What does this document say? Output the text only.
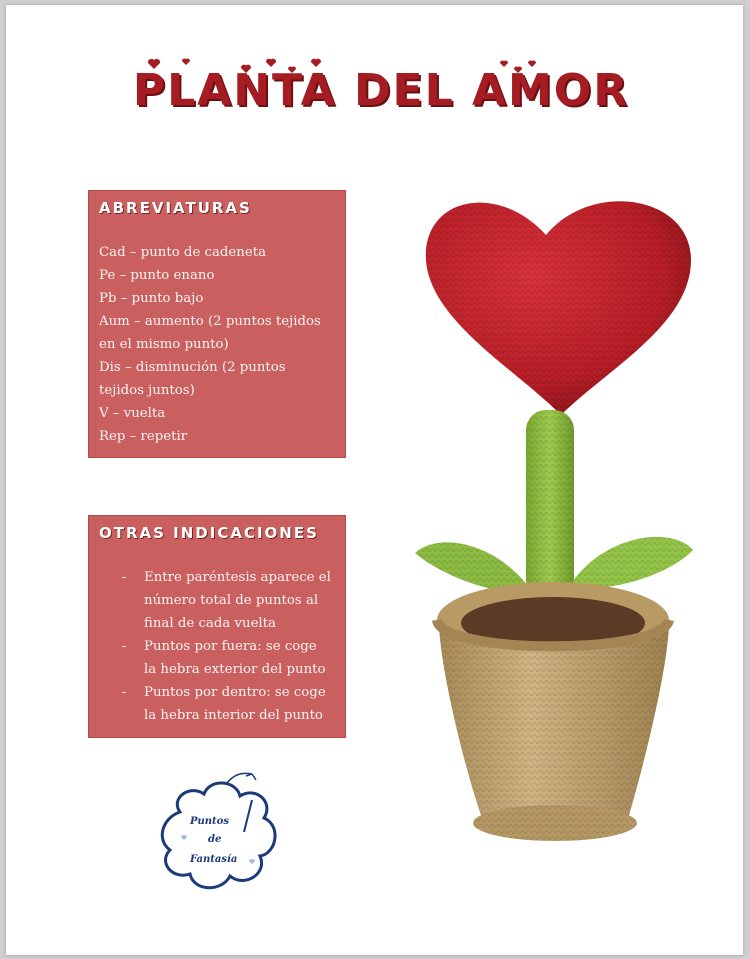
PLANTA DEL AMOR
ABREVIATURAS
Cad – punto de cadeneta
Pe – punto enano
Pb – punto bajo
Aum – aumento (2 puntos tejidos en el mismo punto)
Dis – disminución (2 puntos tejidos juntos)
V – vuelta
Rep – repetir
OTRAS INDICACIONES
- Entre paréntesis aparece el número total de puntos al final de cada vuelta
- Puntos por fuera: se coge la hebra exterior del punto
- Puntos por dentro: se coge la hebra interior del punto
Puntos
de
Fantasía
